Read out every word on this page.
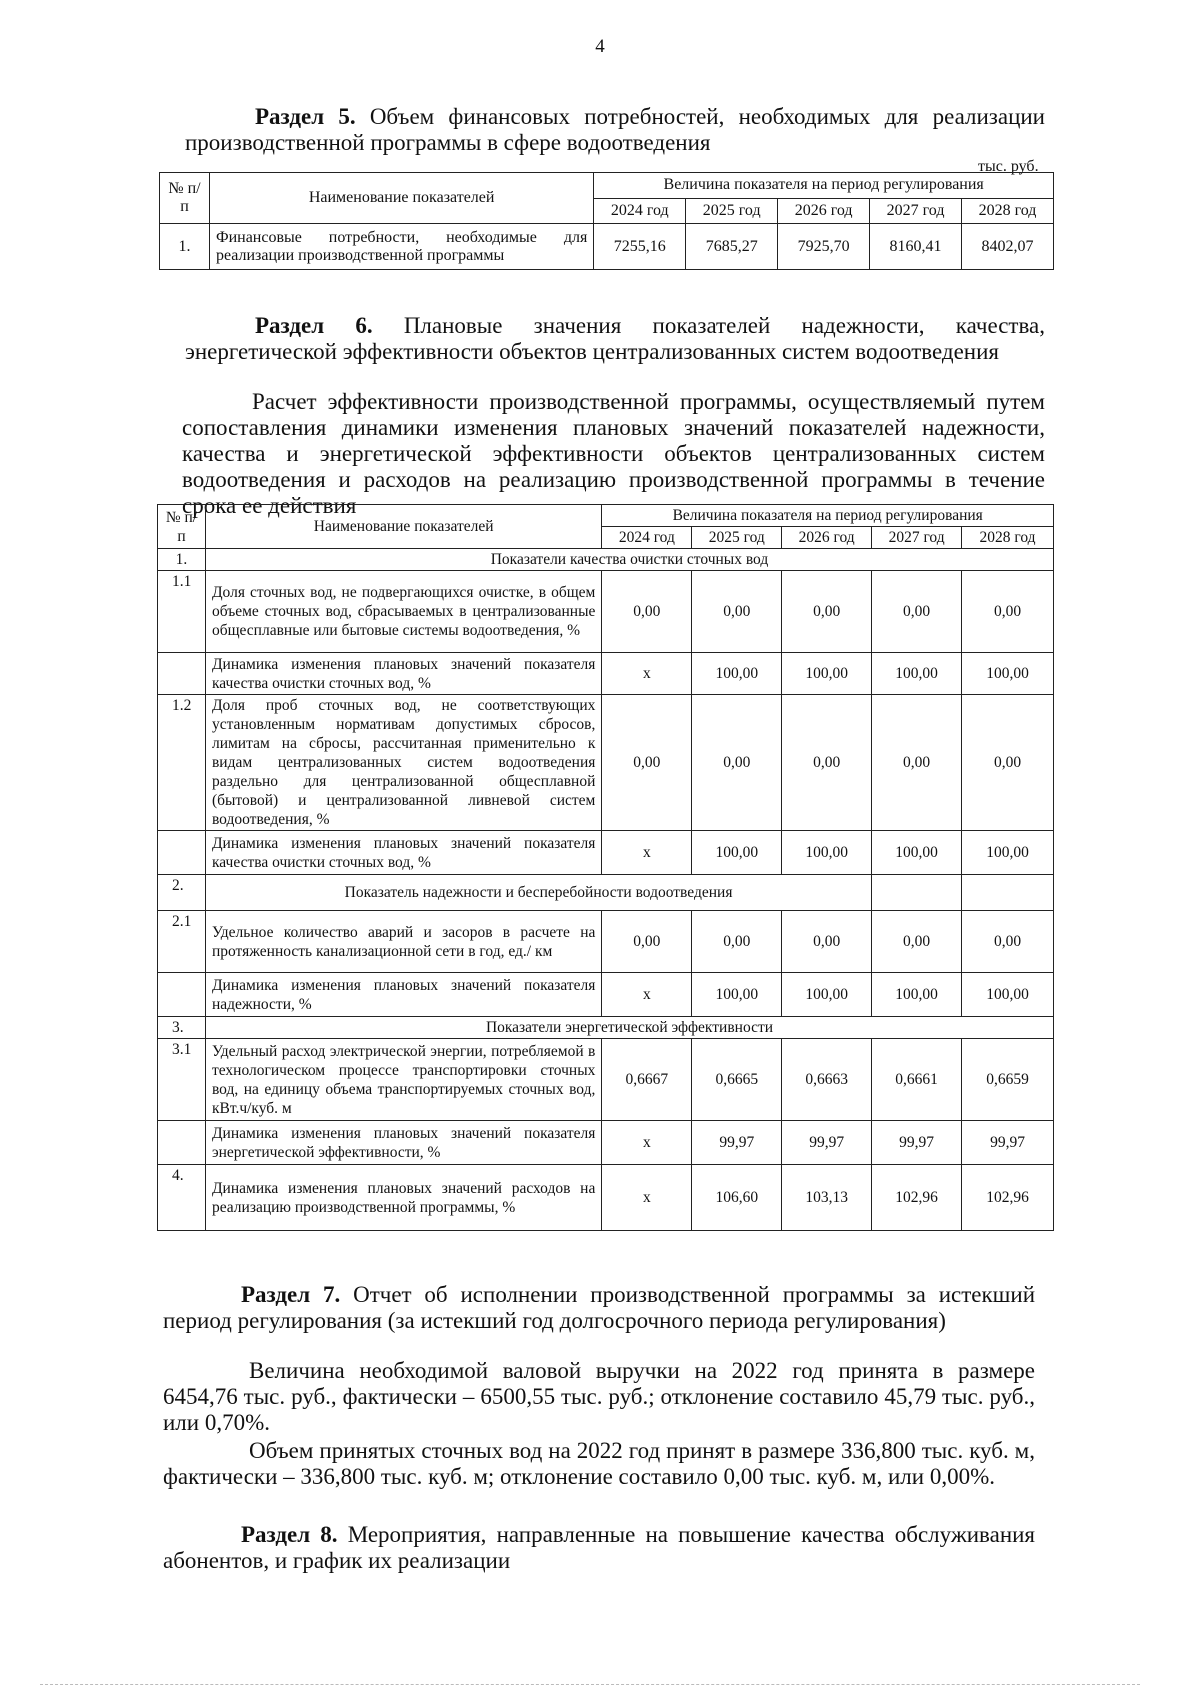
4
Раздел 5. Объем финансовых потребностей, необходимых для реализации производственной программы в сфере водоотведения
тыс. руб.
№ п/п	Наименование показателей	Величина показателя на период регулирования				
		2024 год	2025 год	2026 год	2027 год	2028 год
1.	Финансовые потребности, необходимые для реализации производственной программы	7255,16	7685,27	7925,70	8160,41	8402,07
Раздел 6. Плановые значения показателей надежности, качества, энергетической эффективности объектов централизованных систем водоотведения
Расчет эффективности производственной программы, осуществляемый путем сопоставления динамики изменения плановых значений показателей надежности, качества и энергетической эффективности объектов централизованных систем водоотведения и расходов на реализацию производственной программы в течение срока ее действия
№ п/п	Наименование показателей	Величина показателя на период регулирования				
		2024 год	2025 год	2026 год	2027 год	2028 год
1.	Показатели качества очистки сточных вод					
1.1	Доля сточных вод, не подвергающихся очистке, в общем объеме сточных вод, сбрасываемых в централизованные общесплавные или бытовые системы водоотведения, %	0,00	0,00	0,00	0,00	0,00
	Динамика изменения плановых значений показателя качества очистки сточных вод, %	х	100,00	100,00	100,00	100,00
1.2	Доля проб сточных вод, не соответствующих установленным нормативам допустимых сбросов, лимитам на сбросы, рассчитанная применительно к видам централизованных систем водоотведения раздельно для централизованной общесплавной (бытовой) и централизованной ливневой систем водоотведения, %	0,00	0,00	0,00	0,00	0,00
	Динамика изменения плановых значений показателя качества очистки сточных вод, %	х	100,00	100,00	100,00	100,00
2.	Показатель надежности и бесперебойности водоотведения					
2.1	Удельное количество аварий и засоров в расчете на протяженность канализационной сети в год, ед./ км	0,00	0,00	0,00	0,00	0,00
	Динамика изменения плановых значений показателя надежности, %	х	100,00	100,00	100,00	100,00
3.	Показатели энергетической эффективности					
3.1	Удельный расход электрической энергии, потребляемой в технологическом процессе транспортировки сточных вод, на единицу объема транспортируемых сточных вод, кВт.ч/куб. м	0,6667	0,6665	0,6663	0,6661	0,6659
	Динамика изменения плановых значений показателя энергетической эффективности, %	х	99,97	99,97	99,97	99,97
4.	Динамика изменения плановых значений расходов на реализацию производственной программы, %	х	106,60	103,13	102,96	102,96
Раздел 7. Отчет об исполнении производственной программы за истекший период регулирования (за истекший год долгосрочного периода регулирования)
Величина необходимой валовой выручки на 2022 год принята в размере 6454,76 тыс. руб., фактически – 6500,55 тыс. руб.; отклонение составило 45,79 тыс. руб., или 0,70%.
Объем принятых сточных вод на 2022 год принят в размере 336,800 тыс. куб. м, фактически – 336,800 тыс. куб. м; отклонение составило 0,00 тыс. куб. м, или 0,00%.
Раздел 8. Мероприятия, направленные на повышение качества обслуживания абонентов, и график их реализации
